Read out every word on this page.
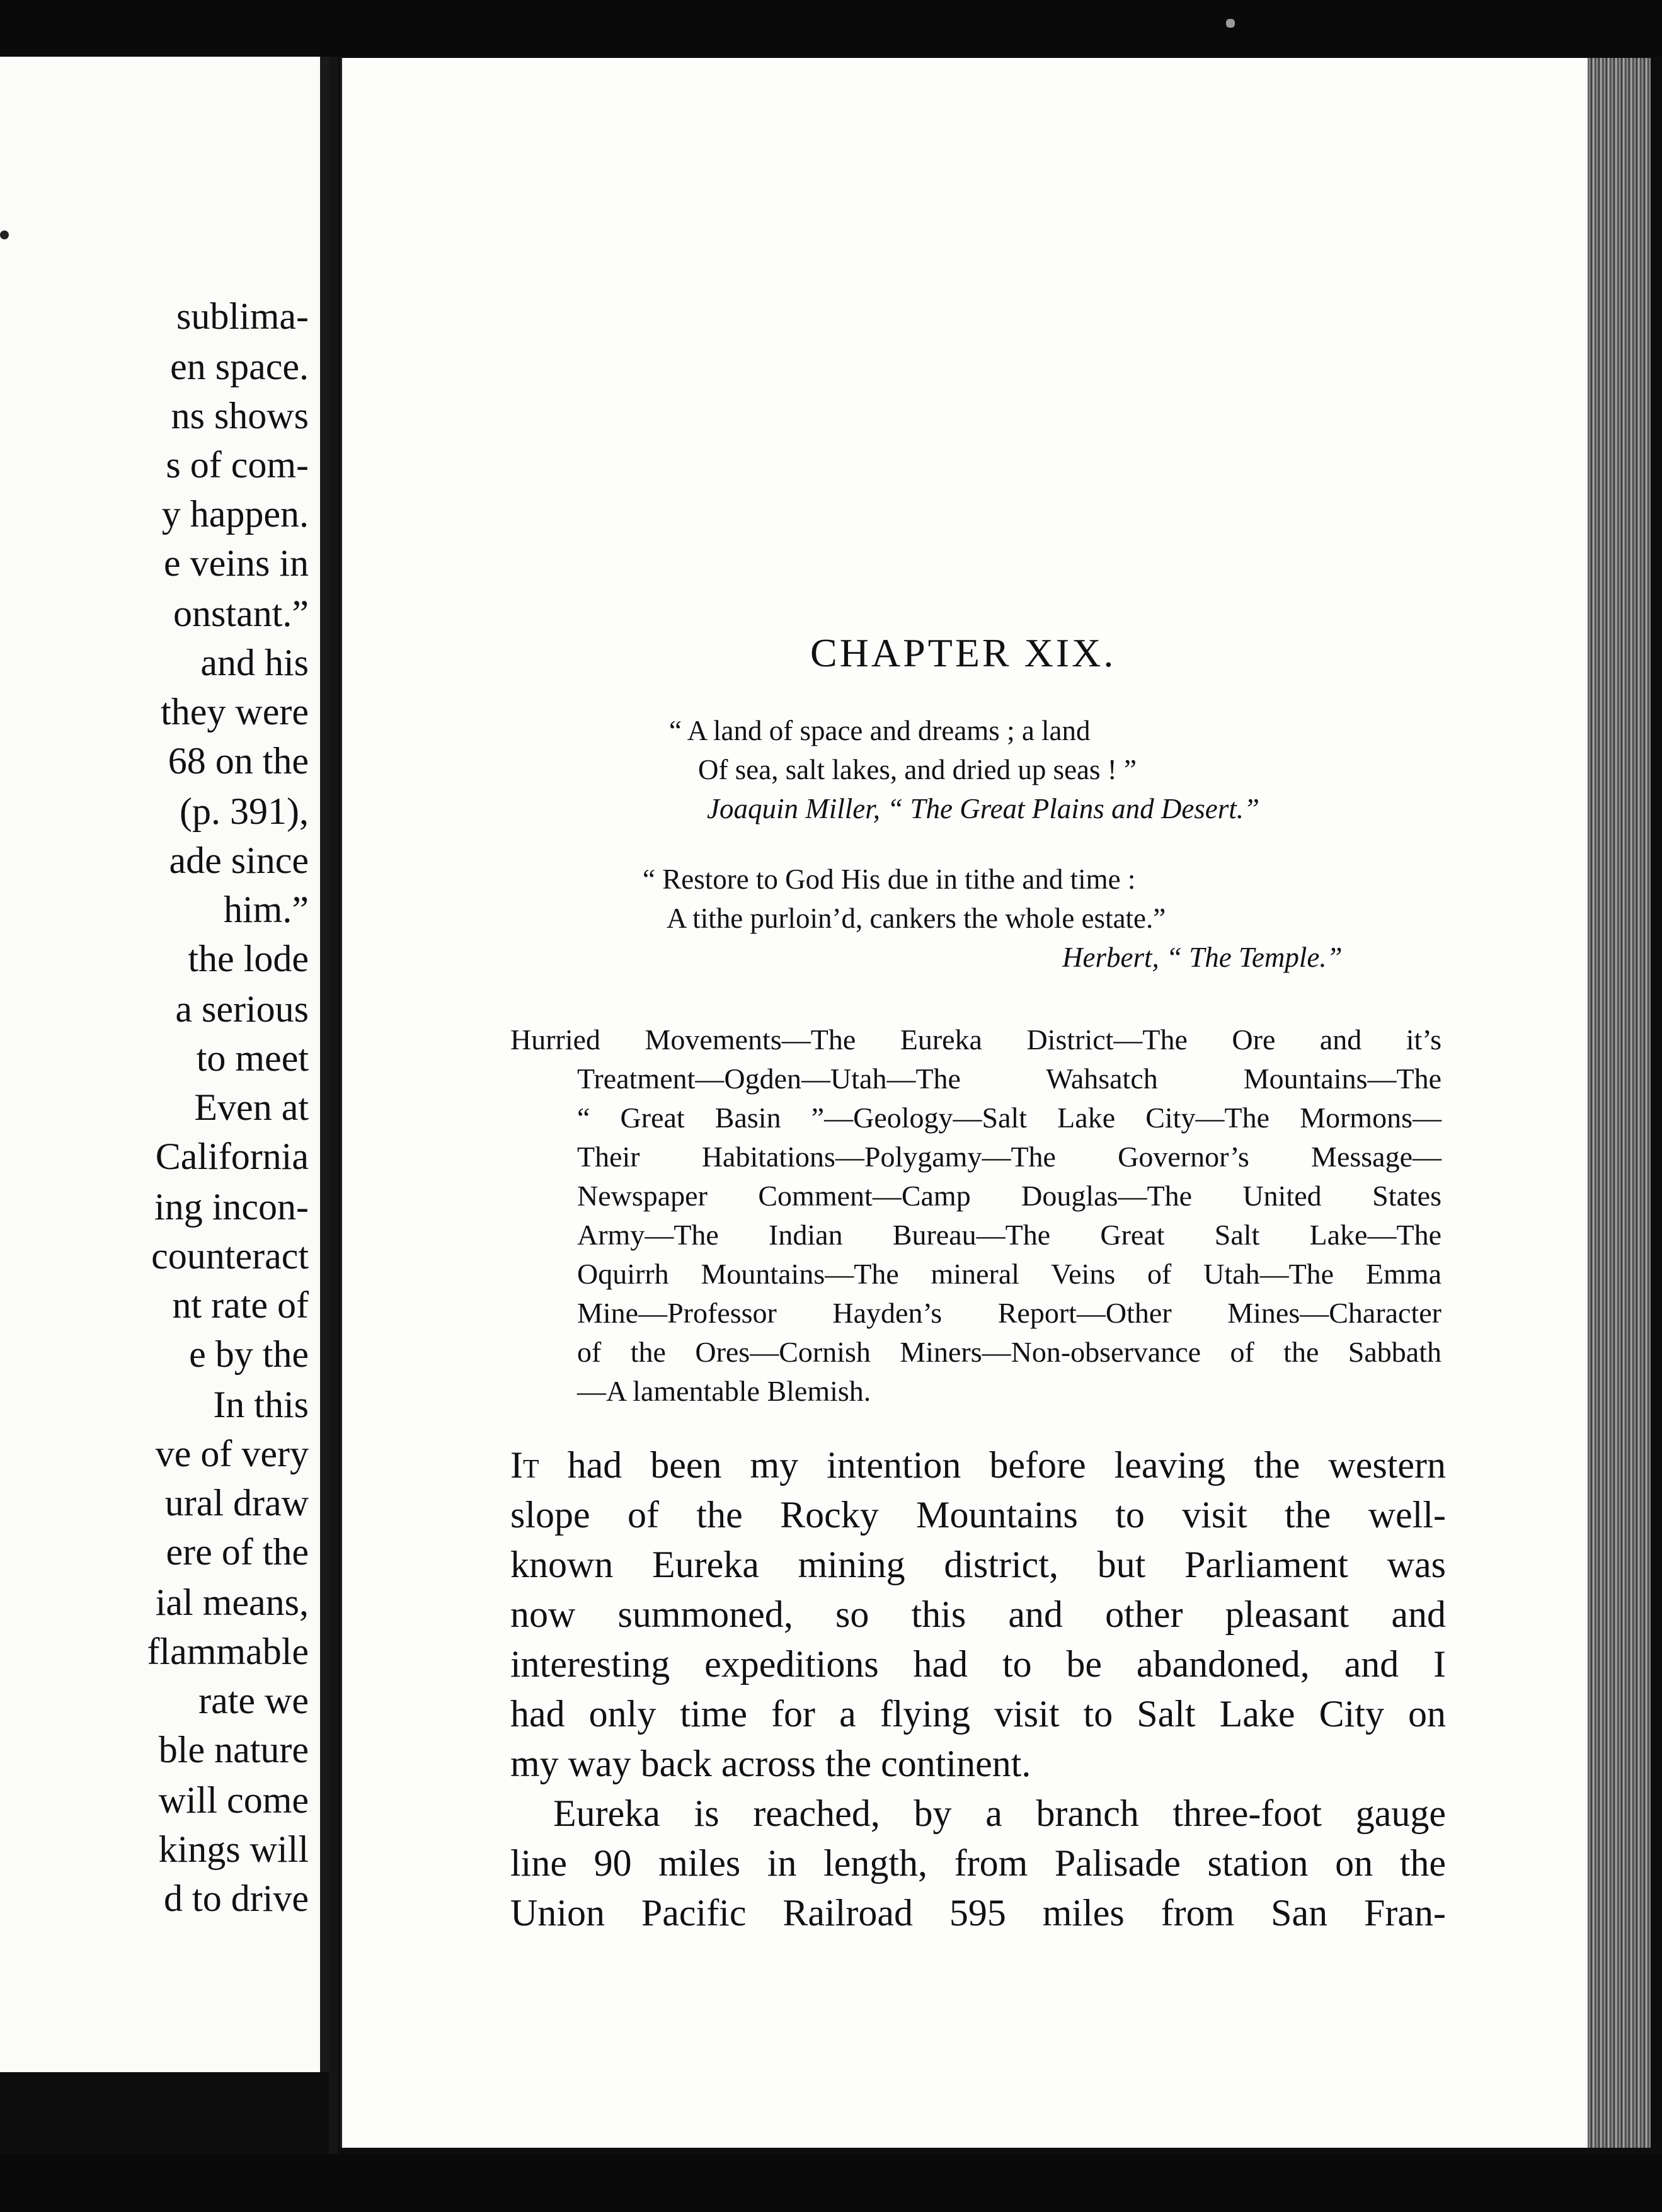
sublima-
en space.
ns shows
s of com-
y happen.
e veins in
onstant.”
and his
they were
68 on the
(p. 391),
ade since
him.”
the lode
a serious
to meet
Even at
California
ing incon-
counteract
nt rate of
e by the
In this
ve of very
ural draw
ere of the
ial means,
flammable
rate we
ble nature
will come
kings will
d to drive
CHAPTER XIX.
“ A land of space and dreams ; a land
Of sea, salt lakes, and dried up seas ! ”
Joaquin Miller, “ The Great Plains and Desert.”
“ Restore to God His due in tithe and time :
A tithe purloin’d, cankers the whole estate.”
Herbert, “ The Temple.”
Hurried Movements—The Eureka District—The Ore and it’s
Treatment—Ogden—Utah—The Wahsatch Mountains—The
“ Great Basin ”—Geology—Salt Lake City—The Mormons—
Their Habitations—Polygamy—The Governor’s Message—
Newspaper Comment—Camp Douglas—The United States
Army—The Indian Bureau—The Great Salt Lake—The
Oquirrh Mountains—The mineral Veins of Utah—The Emma
Mine—Professor Hayden’s Report—Other Mines—Character
of the Ores—Cornish Miners—Non-observance of the Sabbath
—A lamentable Blemish.
It had been my intention before leaving the western
slope of the Rocky Mountains to visit the well-
known Eureka mining district, but Parliament was
now summoned, so this and other pleasant and
interesting expeditions had to be abandoned, and I
had only time for a flying visit to Salt Lake City on
my way back across the continent.
Eureka is reached, by a branch three-foot gauge
line 90 miles in length, from Palisade station on the
Union Pacific Railroad 595 miles from San Fran-
